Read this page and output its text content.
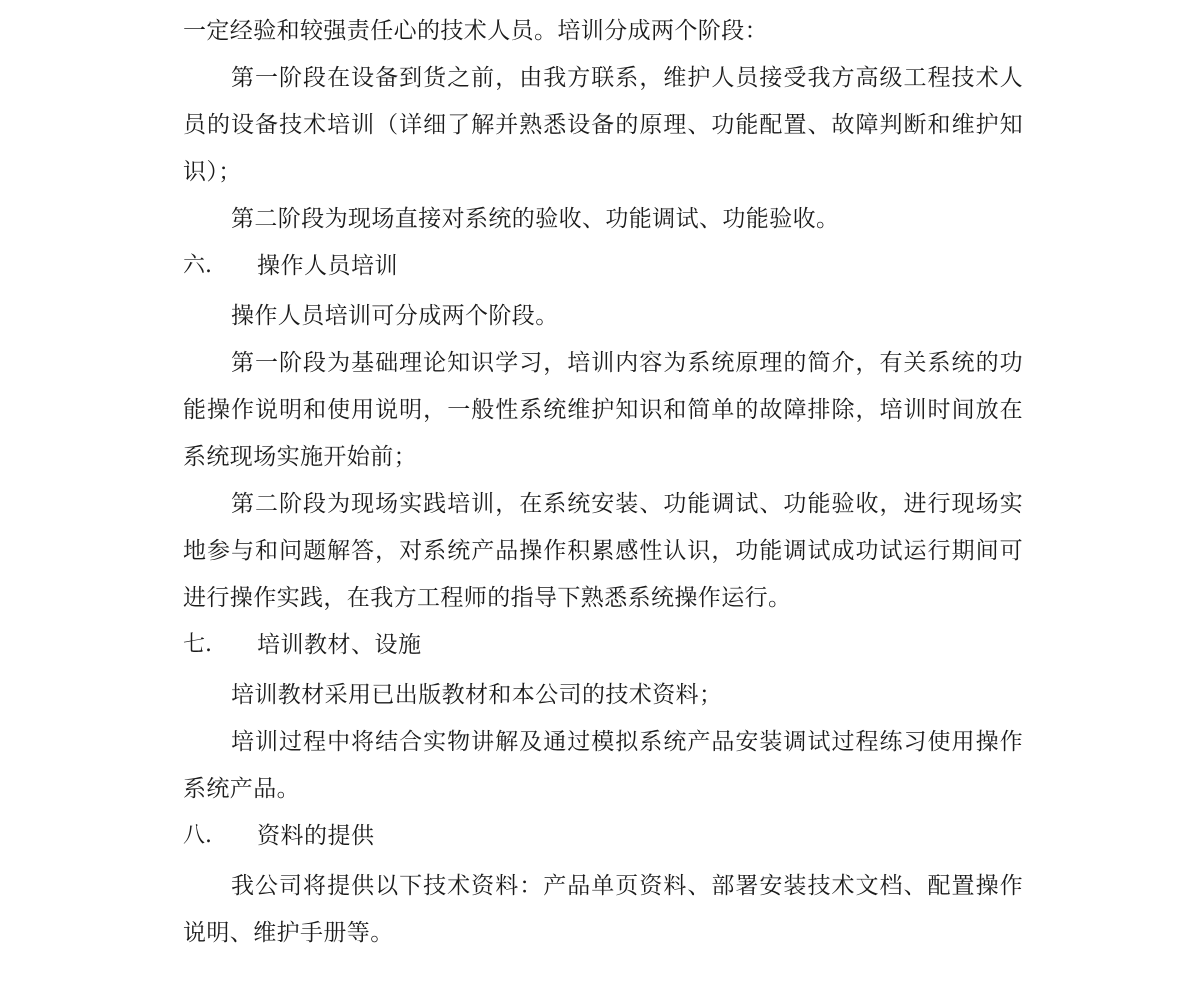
一定经验和较强责任心的技术人员。培训分成两个阶段：

第一阶段在设备到货之前，由我方联系，维护人员接受我方高级工程技术人员的设备技术培训（详细了解并熟悉设备的原理、功能配置、故障判断和维护知识）；

第二阶段为现场直接对系统的验收、功能调试、功能验收。

六.	操作人员培训

操作人员培训可分成两个阶段。

第一阶段为基础理论知识学习，培训内容为系统原理的简介，有关系统的功能操作说明和使用说明，一般性系统维护知识和简单的故障排除，培训时间放在系统现场实施开始前；

第二阶段为现场实践培训，在系统安装、功能调试、功能验收，进行现场实地参与和问题解答，对系统产品操作积累感性认识，功能调试成功试运行期间可进行操作实践，在我方工程师的指导下熟悉系统操作运行。

七.	培训教材、设施

培训教材采用已出版教材和本公司的技术资料；

培训过程中将结合实物讲解及通过模拟系统产品安装调试过程练习使用操作系统产品。

八.	资料的提供

我公司将提供以下技术资料：产品单页资料、部署安装技术文档、配置操作说明、维护手册等。
